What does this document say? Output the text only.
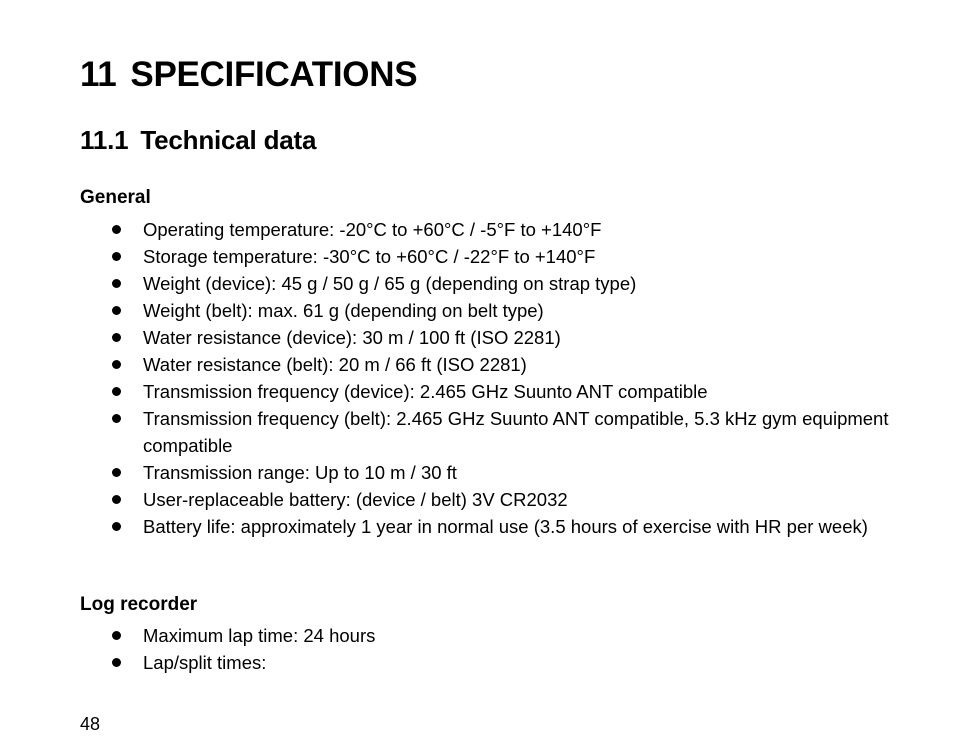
11 SPECIFICATIONS
11.1 Technical data
General
Operating temperature: -20°C to +60°C / -5°F to +140°F
Storage temperature: -30°C to +60°C / -22°F to +140°F
Weight (device): 45 g / 50 g / 65 g (depending on strap type)
Weight (belt): max. 61 g (depending on belt type)
Water resistance (device): 30 m / 100 ft (ISO 2281)
Water resistance (belt): 20 m / 66 ft (ISO 2281)
Transmission frequency (device): 2.465 GHz Suunto ANT compatible
Transmission frequency (belt): 2.465 GHz Suunto ANT compatible, 5.3 kHz gym equipment compatible
Transmission range: Up to 10 m / 30 ft
User-replaceable battery: (device / belt) 3V CR2032
Battery life: approximately 1 year in normal use (3.5 hours of exercise with HR per week)
Log recorder
Maximum lap time: 24 hours
Lap/split times:
48
